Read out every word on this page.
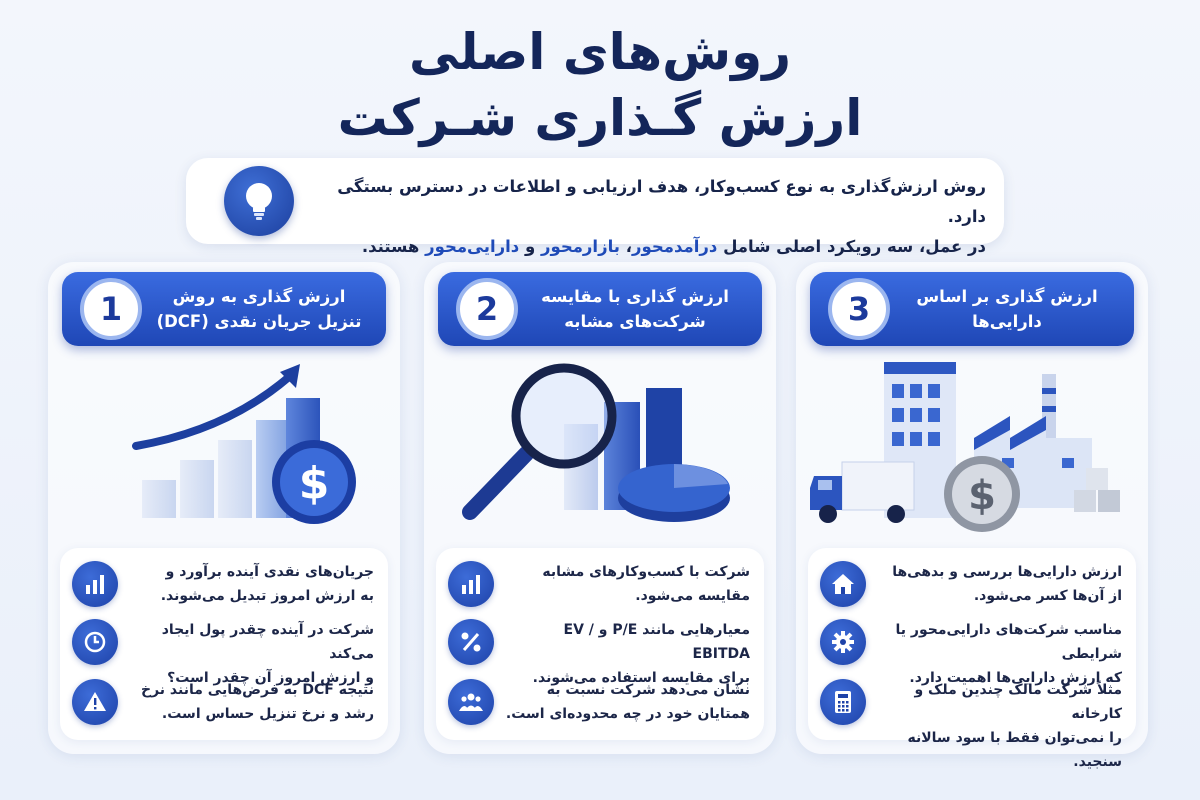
روش‌های اصلی
ارزش گـذاری شـرکت
روش ارزش‌گذاری به نوع کسب‌وکار، هدف ارزیابی و اطلاعات در دسترس بستگی دارد.
در عمل، سه رویکرد اصلی شامل درآمدمحور، بازارمحور و دارایی‌محور هستند.
1	ارزش گذاری به روش
تنزیل جریان نقدی (DCF)
$
جریان‌های نقدی آینده برآورد و
به ارزش امروز تبدیل می‌شوند.
شرکت در آینده چقدر پول ایجاد می‌کند
و ارزش امروز آن چقدر است؟
نتیجه DCF به فرض‌هایی مانند نرخ
رشد و نرخ تنزیل حساس است.
2	ارزش گذاری با مقایسه
شرکت‌های مشابه
شرکت با کسب‌وکارهای مشابه
مقایسه می‌شود.
معیارهایی مانند P/E و EV / EBITDA
برای مقایسه استفاده می‌شوند.
نشان می‌دهد شرکت نسبت به
همتایان خود در چه محدوده‌ای است.
3	ارزش گذاری بر اساس
دارایی‌ها
$
ارزش دارایی‌ها بررسی و بدهی‌ها
از آن‌ها کسر می‌شود.
مناسب شرکت‌های دارایی‌محور یا شرایطی
که ارزش دارایی‌ها اهمیت دارد.
مثلاً شرکت مالک چندین ملک و کارخانه
را نمی‌توان فقط با سود سالانه سنجید.
